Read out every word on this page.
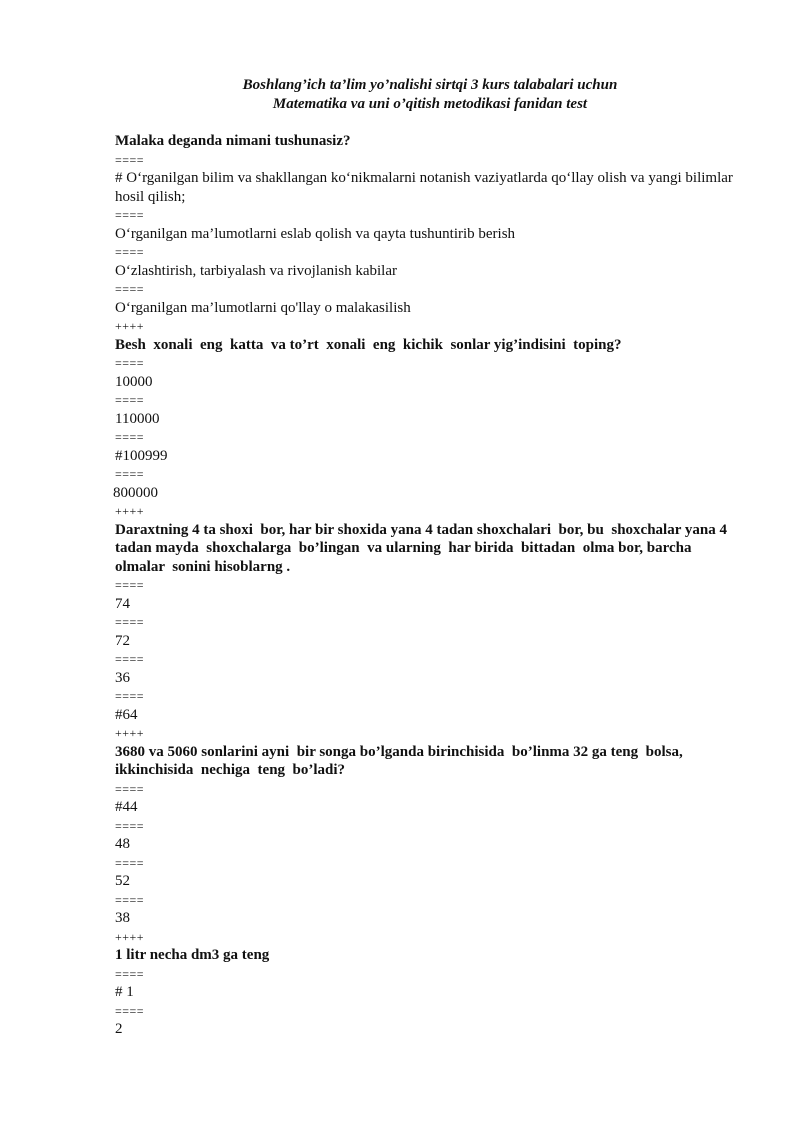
Boshlang’ich ta’lim yo’nalishi sirtqi 3 kurs talabalari uchun
Matematika va uni o’qitish metodikasi fanidan test
Malaka deganda nimani tushunasiz?
====
# O‘rganilgan bilim va shakllangan ko‘nikmalarni notanish vaziyatlarda qo‘llay olish va yangi bilimlar hosil qilish;
====
O‘rganilgan ma’lumotlarni eslab qolish va qayta tushuntirib berish
====
O‘zlashtirish, tarbiyalash va rivojlanish kabilar
====
O‘rganilgan ma’lumotlarni qo'llay o malakasilish
++++
Besh  xonali  eng  katta  va to’rt  xonali  eng  kichik  sonlar yig’indisini  toping?
====
10000
====
110000
====
#100999
====
800000
++++
Daraxtning 4 ta shoxi  bor, har bir shoxida yana 4 tadan shoxchalari  bor, bu  shoxchalar yana 4 tadan mayda  shoxchalarga  bo’lingan  va ularning  har birida  bittadan  olma bor, barcha  olmalar  sonini hisoblarng .
====
74
====
72
====
36
====
#64
++++
3680 va 5060 sonlarini ayni  bir songa bo’lganda birinchisida  bo’linma 32 ga teng  bolsa, ikkinchisida  nechiga  teng  bo’ladi?
====
#44
====
48
====
52
====
38
++++
1 litr necha dm3 ga teng
====
# 1
====
2
